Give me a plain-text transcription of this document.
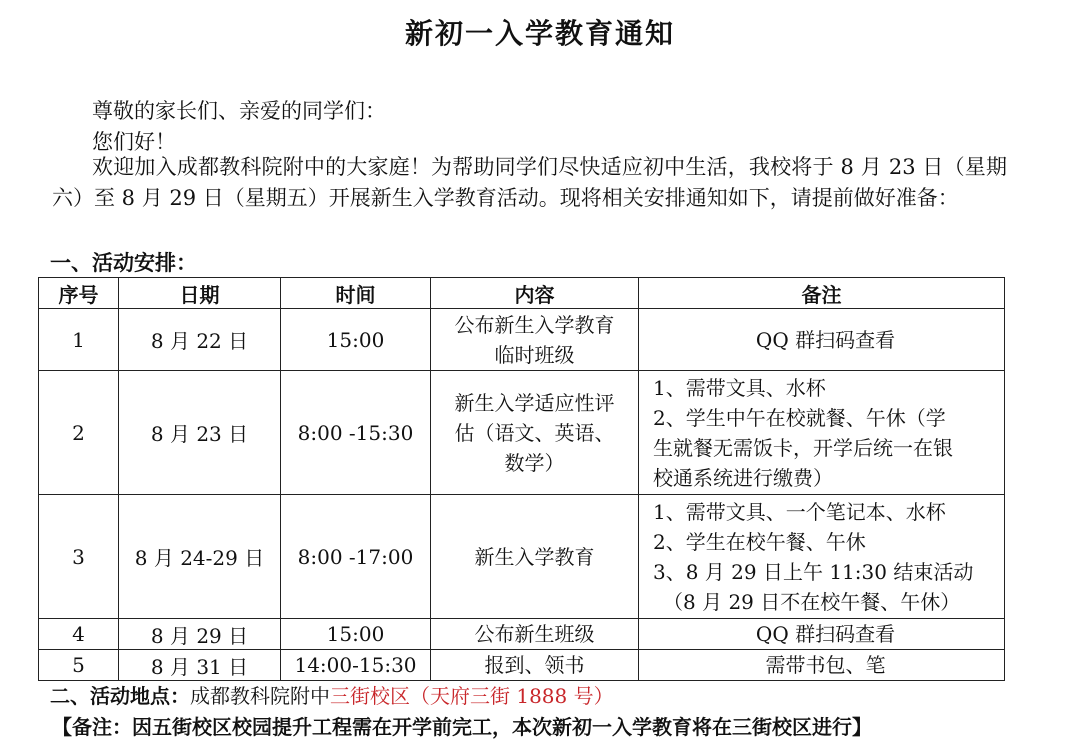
新初一入学教育通知
尊敬的家长们、亲爱的同学们：
您们好！
欢迎加入成都教科院附中的大家庭！为帮助同学们尽快适应初中生活，我校将于 8 月 23 日（星期六）至 8 月 29 日（星期五）开展新生入学教育活动。现将相关安排通知如下，请提前做好准备：
一、活动安排：
序号	日期	时间	内容	备注
1	8 月 22 日	15:00	公布新生入学教育
临时班级	QQ 群扫码查看

2	8 月 23 日	8:00 -15:30	新生入学适应性评
估（语文、英语、
数学）	1、需带文具、水杯
2、学生中午在校就餐、午休（学
生就餐无需饭卡，开学后统一在银
校通系统进行缴费）

3	8 月 24-29 日	8:00 -17:00	新生入学教育	1、需带文具、一个笔记本、水杯
2、学生在校午餐、午休
3、8 月 29 日上午 11:30 结束活动
（8 月 29 日不在校午餐、午休）

4	8 月 29 日	15:00	公布新生班级	QQ 群扫码查看

5	8 月 31 日	14:00-15:30	报到、领书	需带书包、笔
二、活动地点：成都教科院附中三街校区（天府三街 1888 号）
【备注：因五街校区校园提升工程需在开学前完工，本次新初一入学教育将在三街校区进行】
